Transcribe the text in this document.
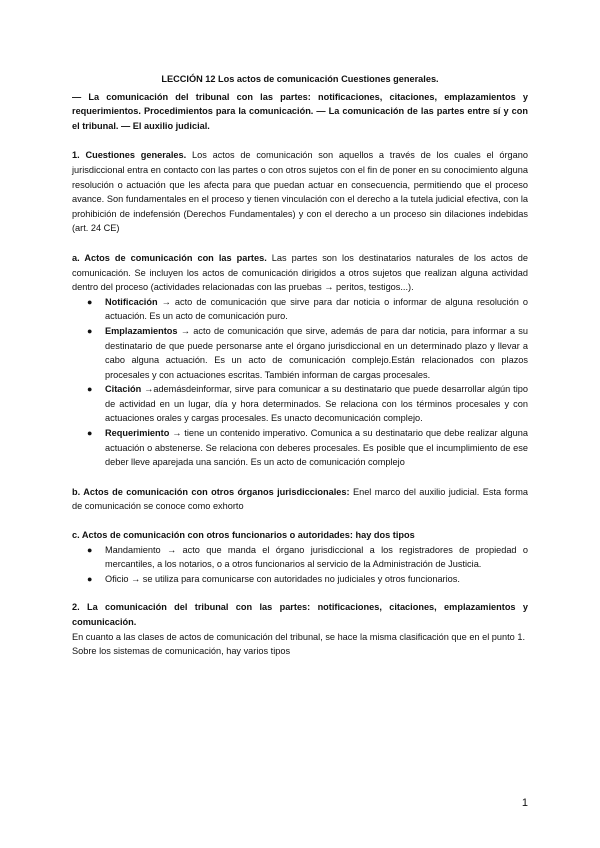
LECCIÓN 12 Los actos de comunicación Cuestiones generales.

— La comunicación del tribunal con las partes: notificaciones, citaciones, emplazamientos y requerimientos. Procedimientos para la comunicación. — La comunicación de las partes entre sí y con el tribunal. — El auxilio judicial.

1. Cuestiones generales. Los actos de comunicación son aquellos a través de los cuales el órgano jurisdiccional entra en contacto con las partes o con otros sujetos con el fin de poner en su conocimiento alguna resolución o actuación que les afecta para que puedan actuar en consecuencia, permitiendo que el proceso avance. Son fundamentales en el proceso y tienen vinculación con el derecho a la tutela judicial efectiva, con la prohibición de indefensión (Derechos Fundamentales) y con el derecho a un proceso sin dilaciones indebidas (art. 24 CE)

a. Actos de comunicación con las partes. Las partes son los destinatarios naturales de los actos de comunicación. Se incluyen los actos de comunicación dirigidos a otros sujetos que realizan alguna actividad dentro del proceso (actividades relacionadas con las pruebas → peritos, testigos...).

● Notificación → acto de comunicación que sirve para dar noticia o informar de alguna resolución o actuación. Es un acto de comunicación puro.
● Emplazamientos → acto de comunicación que sirve, además de para dar noticia, para informar a su destinatario de que puede personarse ante el órgano jurisdiccional en un determinado plazo y llevar a cabo alguna actuación. Es un acto de comunicación complejo.Están relacionados con plazos procesales y con actuaciones escritas. También informan de cargas procesales.
● Citación →ademásdeinformar, sirve para comunicar a su destinatario que puede desarrollar algún tipo de actividad en un lugar, día y hora determinados. Se relaciona con los términos procesales y con actuaciones orales y cargas procesales. Es unacto decomunicación complejo.
● Requerimiento → tiene un contenido imperativo. Comunica a su destinatario que debe realizar alguna actuación o abstenerse. Se relaciona con deberes procesales. Es posible que el incumplimiento de ese deber lleve aparejada una sanción. Es un acto de comunicación complejo

b. Actos de comunicación con otros órganos jurisdiccionales: Enel marco del auxilio judicial. Esta forma de comunicación se conoce como exhorto

c. Actos de comunicación con otros funcionarios o autoridades: hay dos tipos

● Mandamiento → acto que manda el órgano jurisdiccional a los registradores de propiedad o mercantiles, a los notarios, o a otros funcionarios al servicio de la Administración de Justicia.
● Oficio → se utiliza para comunicarse con autoridades no judiciales y otros funcionarios.

2. La comunicación del tribunal con las partes: notificaciones, citaciones, emplazamientos y comunicación.

En cuanto a las clases de actos de comunicación del tribunal, se hace la misma clasificación que en el punto 1.

Sobre los sistemas de comunicación, hay varios tipos

1
